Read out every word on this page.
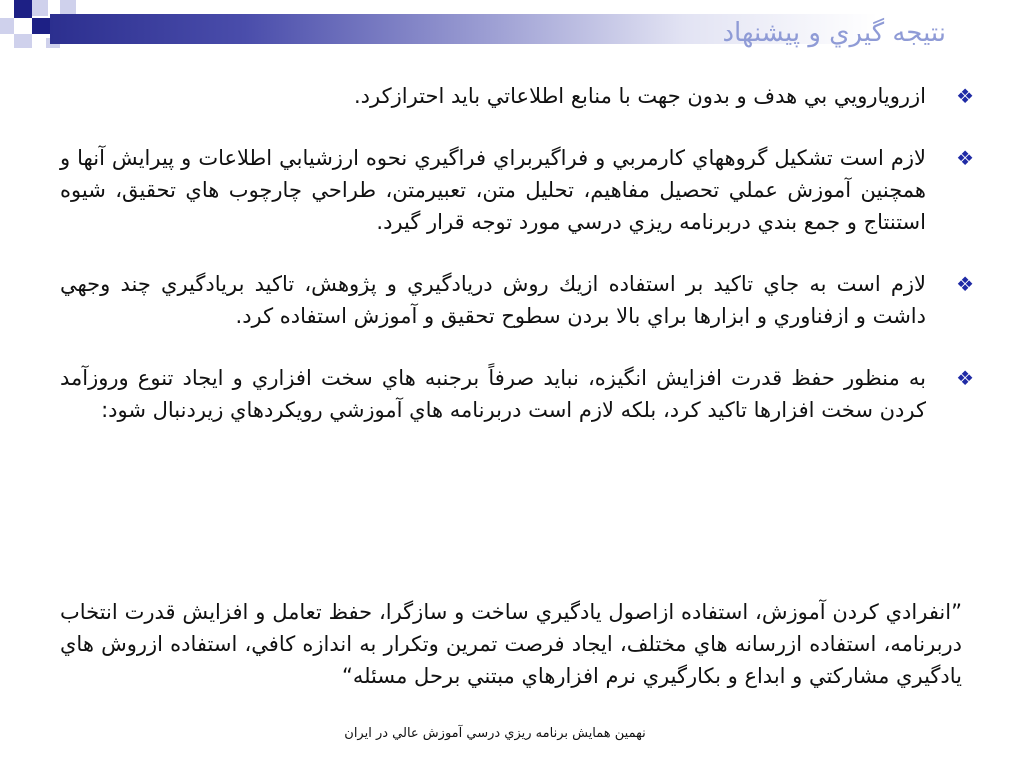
نتيجه گيري و پيشنهاد
❖
ازرويارويي بي هدف و بدون جهت با منابع اطلاعاتي بايد احترازكرد.
❖
لازم است تشكيل گروههاي كارمربي و فراگيربراي فراگيري نحوه ارزشيابي اطلاعات و پيرايش آنها و همچنين آموزش عملي تحصيل مفاهيم، تحليل متن، تعبيرمتن، طراحي چارچوب هاي تحقيق، شيوه استنتاج و جمع بندي دربرنامه ريزي درسي مورد توجه قرار گيرد.
❖
لازم است به جاي تاكيد بر استفاده ازيك روش دريادگيري و پژوهش، تاكيد بريادگيري چند وجهي داشت و ازفناوري و ابزارها براي بالا بردن سطوح تحقيق و آموزش استفاده كرد.
❖
به منظور حفظ قدرت افزايش انگيزه، نبايد صرفاً برجنبه هاي سخت افزاري و ايجاد تنوع وروزآمد كردن سخت افزارها تاكيد كرد، بلكه لازم است دربرنامه هاي آموزشي رويكردهاي زيرد‌نبال شود:
”انفرادي كردن آموزش، استفاده ازاصول يادگيري ساخت و سازگرا، حفظ تعامل و افزايش قدرت انتخاب دربرنامه، استفاده ازرسانه هاي مختلف، ايجاد فرصت تمرين وتكرار به اندازه كافي، استفاده ازروش هاي يادگيري مشاركتي و ابداع و بكارگيري نرم افزارهاي مبتني برحل مسئله“
نهمين همايش برنامه ريزي درسي آموزش عالي در ايران
